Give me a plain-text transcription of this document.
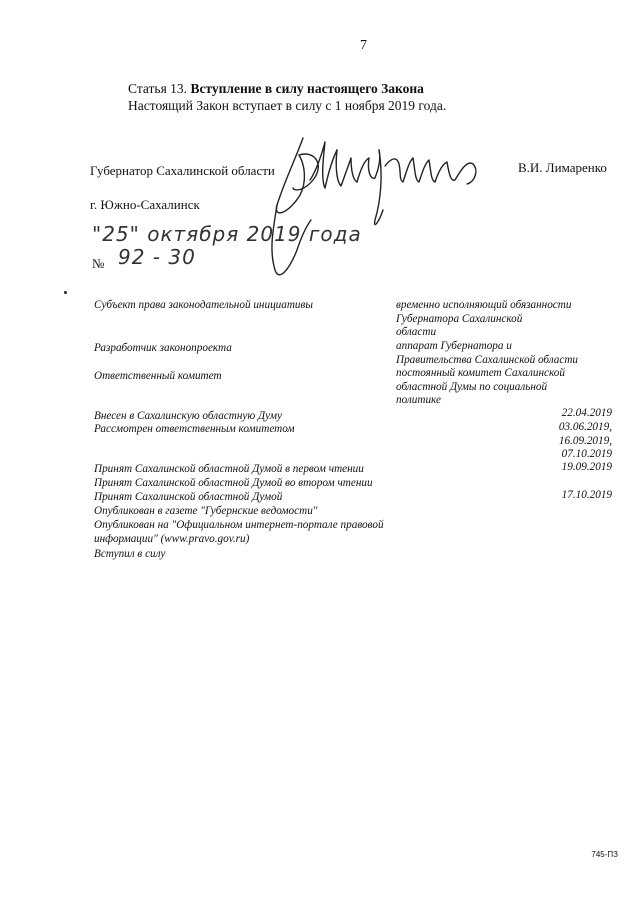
7
Статья 13. Вступление в силу настоящего Закона
Настоящий Закон вступает в силу с 1 ноября 2019 года.
Губернатор Сахалинской области	В.И. Лимаренко
г. Южно-Сахалинск
"25" октября 2019 года
№ 92 - 30
Субъект права законодательной инициативы	временно исполняющий обязанности
Губернатора Сахалинской
области
Разработчик законопроекта	аппарат Губернатора и
Правительства Сахалинской области
Ответственный комитет	постоянный комитет Сахалинской
областной Думы по социальной
политике
Внесен в Сахалинскую областную Думу	22.04.2019
Рассмотрен ответственным комитетом	03.06.2019,
16.09.2019,
07.10.2019
Принят Сахалинской областной Думой в первом чтении	19.09.2019
Принят Сахалинской областной Думой во втором чтении
Принят Сахалинской областной Думой	17.10.2019
Опубликован в газете "Губернские ведомости"
Опубликован на "Официальном интернет-портале правовой
информации" (www.pravo.gov.ru)
Вступил в силу
745-ПЗ
